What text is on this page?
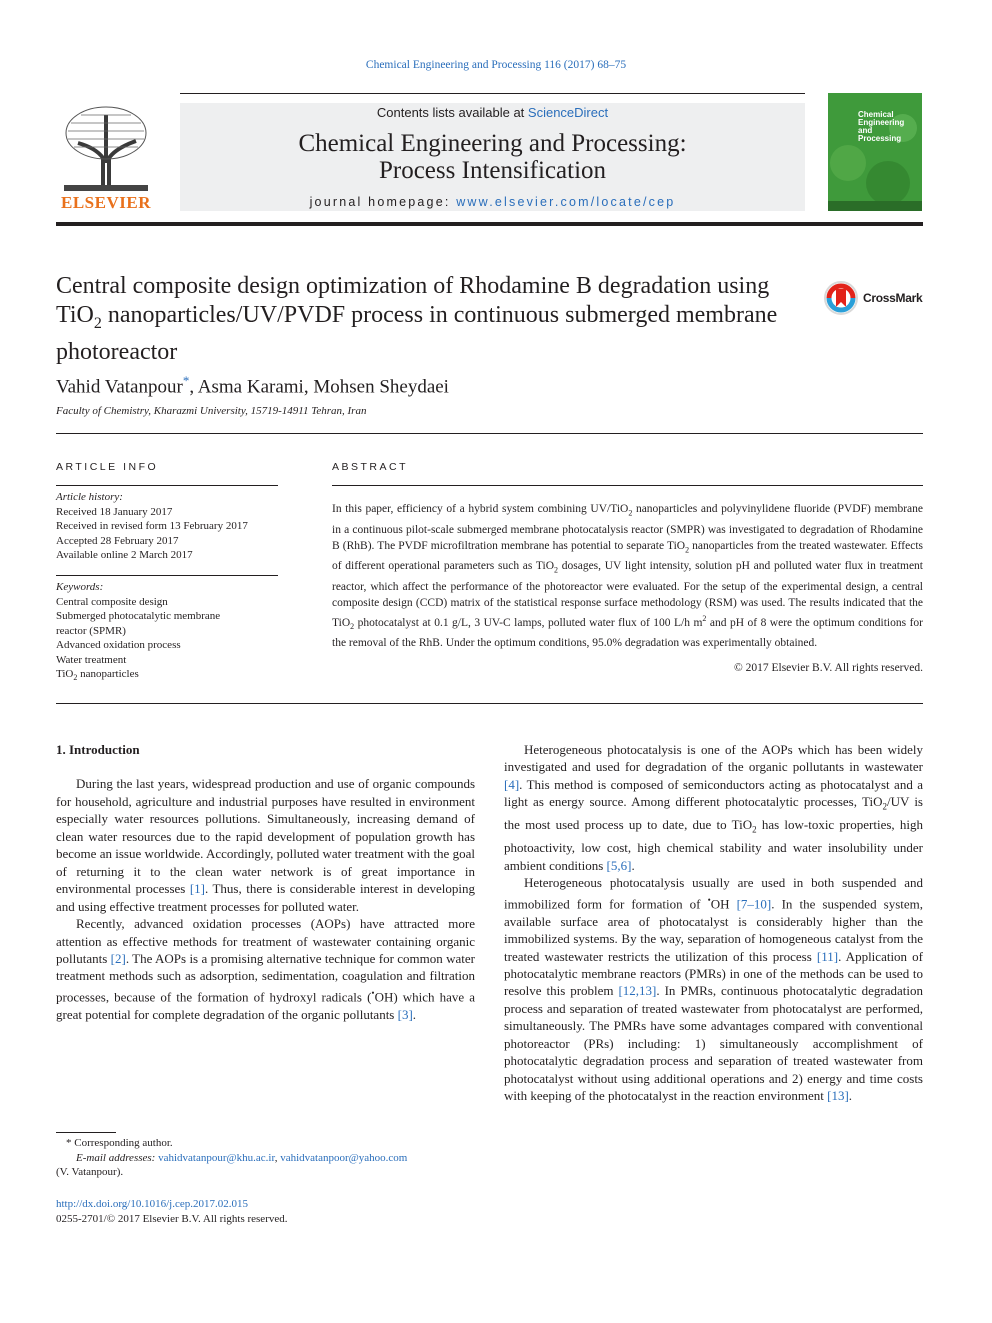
Chemical Engineering and Processing 116 (2017) 68–75
ELSEVIER
Contents lists available at ScienceDirect
Chemical Engineering and Processing:
Process Intensification
journal homepage: www.elsevier.com/locate/cep
Chemical
Engineering
and
Processing
Central composite design optimization of Rhodamine B degradation using TiO$_2$ nanoparticles/UV/PVDF process in continuous submerged membrane photoreactor
CrossMark
Vahid Vatanpour*, Asma Karami, Mohsen Sheydaei
Faculty of Chemistry, Kharazmi University, 15719-14911 Tehran, Iran
ARTICLE INFO
Article history:
Received 18 January 2017
Received in revised form 13 February 2017
Accepted 28 February 2017
Available online 2 March 2017
Keywords:
Central composite design
Submerged photocatalytic membrane
reactor (SPMR)
Advanced oxidation process
Water treatment
TiO$_2$ nanoparticles
ABSTRACT
In this paper, efficiency of a hybrid system combining UV/TiO$_2$ nanoparticles and polyvinylidene fluoride (PVDF) membrane in a continuous pilot-scale submerged membrane photocatalysis reactor (SMPR) was investigated to degradation of Rhodamine B (RhB). The PVDF microfiltration membrane has potential to separate TiO$_2$ nanoparticles from the treated wastewater. Effects of different operational parameters such as TiO$_2$ dosages, UV light intensity, solution pH and polluted water flux in treatment reactor, which affect the performance of the photoreactor were evaluated. For the setup of the experimental design, a central composite design (CCD) matrix of the statistical response surface methodology (RSM) was used. The results indicated that the TiO$_2$ photocatalyst at 0.1 g/L, 3 UV-C lamps, polluted water flux of 100 L/h $m^2$ and pH of 8 were the optimum conditions for the removal of the RhB. Under the optimum conditions, 95.0% degradation was experimentally obtained.
© 2017 Elsevier B.V. All rights reserved.
1. Introduction

During the last years, widespread production and use of organic compounds for household, agriculture and industrial purposes have resulted in environment especially water resources pollutions. Simultaneously, increasing demand of clean water resources due to the rapid development of population growth has become an issue worldwide. Accordingly, polluted water treatment with the goal of returning it to the clean water network is of great importance in environmental processes [1]. Thus, there is considerable interest in developing and using effective treatment processes for polluted water.

Recently, advanced oxidation processes (AOPs) have attracted more attention as effective methods for treatment of wastewater containing organic pollutants [2]. The AOPs is a promising alternative technique for common water treatment methods such as adsorption, sedimentation, coagulation and filtration processes, because of the formation of hydroxyl radicals (•OH) which have a great potential for complete degradation of the organic pollutants [3].

Heterogeneous photocatalysis is one of the AOPs which has been widely investigated and used for degradation of the organic pollutants in wastewater [4]. This method is composed of semiconductors acting as photocatalyst and a light as energy source. Among different photocatalytic processes, TiO$_2$/UV is the most used process up to date, due to TiO$_2$ has low-toxic properties, high photoactivity, low cost, high chemical stability and water insolubility under ambient conditions [5,6].

Heterogeneous photocatalysis usually are used in both suspended and immobilized form for formation of •OH [7–10]. In the suspended system, available surface area of photocatalyst is considerably higher than the immobilized systems. By the way, separation of homogeneous catalyst from the treated wastewater restricts the utilization of this process [11]. Application of photocatalytic membrane reactors (PMRs) in one of the methods can be used to resolve this problem [12,13]. In PMRs, continuous photocatalytic degradation process and separation of treated wastewater from photocatalyst are performed, simultaneously. The PMRs have some advantages compared with conventional photoreactor (PRs) including: 1) simultaneously accomplishment of photocatalytic degradation process and separation of treated wastewater from photocatalyst without using additional operations and 2) energy and time costs with keeping of the photocatalyst in the reaction environment [13].

* Corresponding author.
E-mail addresses: vahidvatanpour@khu.ac.ir, vahidvatanpoor@yahoo.com
(V. Vatanpour).
http://dx.doi.org/10.1016/j.cep.2017.02.015
0255-2701/© 2017 Elsevier B.V. All rights reserved.
